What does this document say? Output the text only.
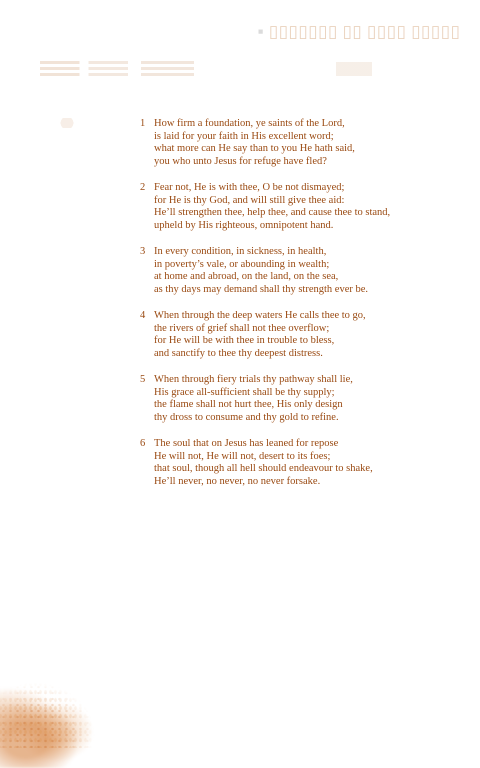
▯▯▯▯▯ ▯▯▯▯ ▯▯ ▯▯▯▯▯▯▯ ▪
1 How firm a foundation, ye saints of the Lord,
is laid for your faith in His excellent word;
what more can He say than to you He hath said,
you who unto Jesus for refuge have fled?
2 Fear not, He is with thee, O be not dismayed;
for He is thy God, and will still give thee aid:
He’ll strengthen thee, help thee, and cause thee to stand,
upheld by His righteous, omnipotent hand.
3 In every condition, in sickness, in health,
in poverty’s vale, or abounding in wealth;
at home and abroad, on the land, on the sea,
as thy days may demand shall thy strength ever be.
4 When through the deep waters He calls thee to go,
the rivers of grief shall not thee overflow;
for He will be with thee in trouble to bless,
and sanctify to thee thy deepest distress.
5 When through fiery trials thy pathway shall lie,
His grace all-sufficient shall be thy supply;
the flame shall not hurt thee, His only design
thy dross to consume and thy gold to refine.
6 The soul that on Jesus has leaned for repose
He will not, He will not, desert to its foes;
that soul, though all hell should endeavour to shake,
He’ll never, no never, no never forsake.
